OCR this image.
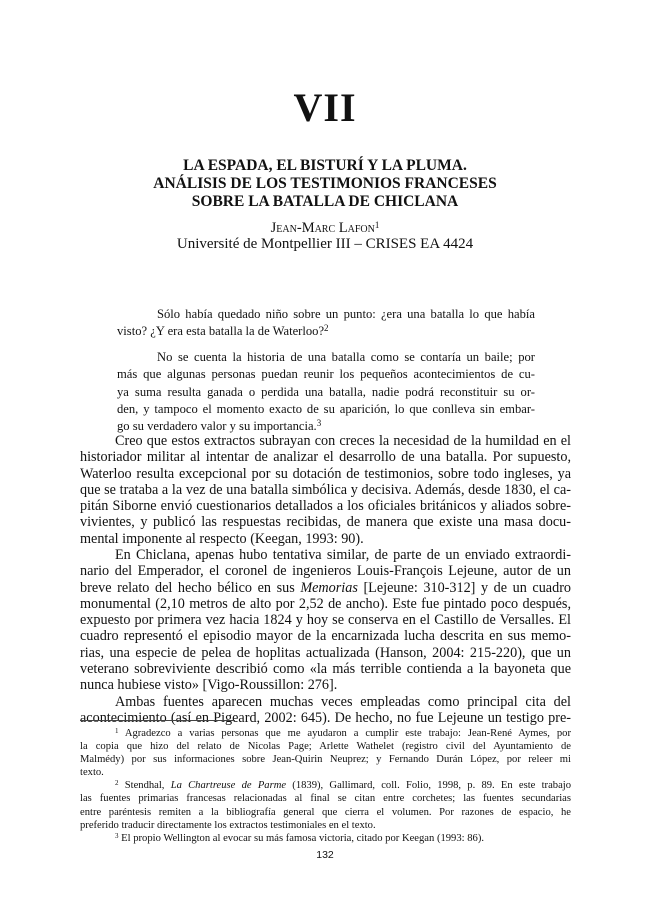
VII
LA ESPADA, EL BISTURÍ Y LA PLUMA.
ANÁLISIS DE LOS TESTIMONIOS FRANCESES
SOBRE LA BATALLA DE CHICLANA
Jean-Marc Lafon$^1$
Université de Montpellier III – CRISES EA 4424
Sólo había quedado niño sobre un punto: ¿era una batalla lo que había
visto? ¿Y era esta batalla la de Waterloo?$^2$
No se cuenta la historia de una batalla como se contaría un baile; por
más que algunas personas puedan reunir los pequeños acontecimientos de cu-
ya suma resulta ganada o perdida una batalla, nadie podrá reconstituir su or-
den, y tampoco el momento exacto de su aparición, lo que conlleva sin embar-
go su verdadero valor y su importancia.$^3$
Creo que estos extractos subrayan con creces la necesidad de la humildad en el
historiador militar al intentar de analizar el desarrollo de una batalla. Por supuesto,
Waterloo resulta excepcional por su dotación de testimonios, sobre todo ingleses, ya
que se trataba a la vez de una batalla simbólica y decisiva. Además, desde 1830, el ca-
pitán Siborne envió cuestionarios detallados a los oficiales británicos y aliados sobre-
vivientes, y publicó las respuestas recibidas, de manera que existe una masa docu-
mental imponente al respecto (Keegan, 1993: 90).
En Chiclana, apenas hubo tentativa similar, de parte de un enviado extraordi-
nario del Emperador, el coronel de ingenieros Louis-François Lejeune, autor de un
breve relato del hecho bélico en sus Memorias [Lejeune: 310-312] y de un cuadro
monumental (2,10 metros de alto por 2,52 de ancho). Este fue pintado poco después,
expuesto por primera vez hacia 1824 y hoy se conserva en el Castillo de Versalles. El
cuadro representó el episodio mayor de la encarnizada lucha descrita en sus memo-
rias, una especie de pelea de hoplitas actualizada (Hanson, 2004: 215-220), que un
veterano sobreviviente describió como «la más terrible contienda a la bayoneta que
nunca hubiese visto» [Vigo-Roussillon: 276].
Ambas fuentes aparecen muchas veces empleadas como principal cita del
acontecimiento (así en Pigeard, 2002: 645). De hecho, no fue Lejeune un testigo pre-
$^1$ Agradezco a varias personas que me ayudaron a cumplir este trabajo: Jean-René Aymes, por
la copia que hizo del relato de Nicolas Page; Arlette Wathelet (registro civil del Ayuntamiento de
Malmédy) por sus informaciones sobre Jean-Quirin Neuprez; y Fernando Durán López, por releer mi
texto.
$^2$ Stendhal, La Chartreuse de Parme (1839), Gallimard, coll. Folio, 1998, p. 89. En este trabajo
las fuentes primarias francesas relacionadas al final se citan entre corchetes; las fuentes secundarias
entre paréntesis remiten a la bibliografía general que cierra el volumen. Por razones de espacio, he
preferido traducir directamente los extractos testimoniales en el texto.
$^3$ El propio Wellington al evocar su más famosa victoria, citado por Keegan (1993: 86).
132
